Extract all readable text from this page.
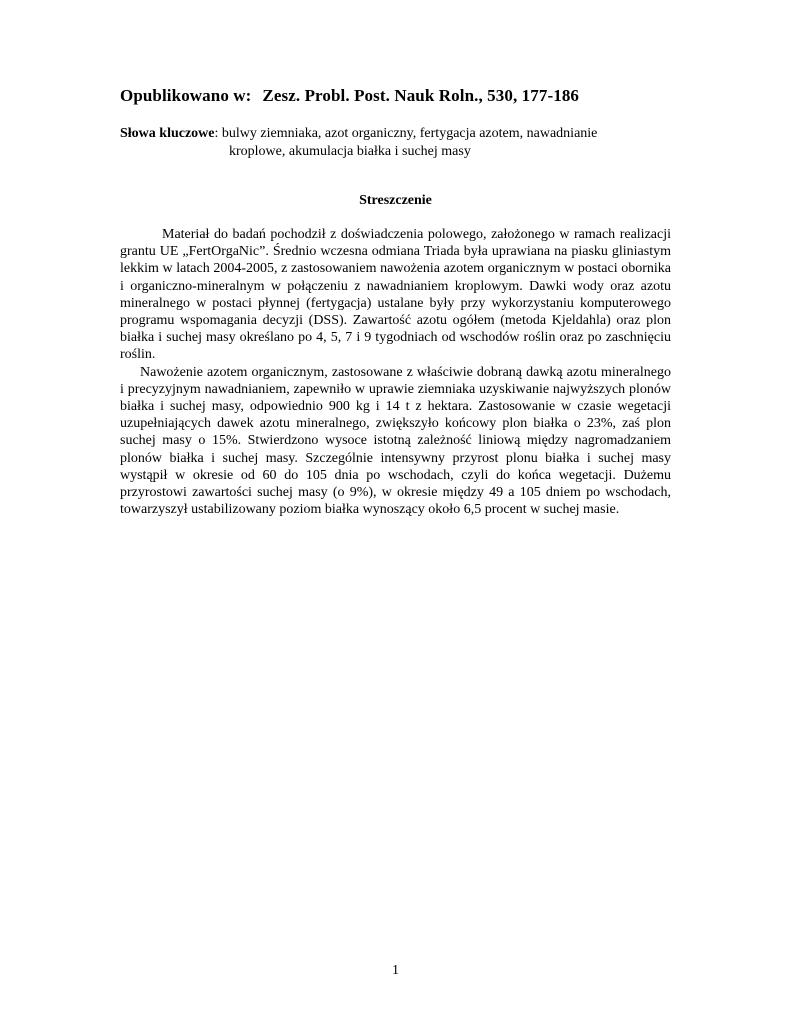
Opublikowano w: Zesz. Probl. Post. Nauk Roln., 530, 177-186
Słowa kluczowe: bulwy ziemniaka, azot organiczny, fertygacja azotem, nawadnianie
kroplowe, akumulacja białka i suchej masy
Streszczenie

Materiał do badań pochodził z doświadczenia polowego, założonego w ramach realizacji grantu UE „FertOrgaNic”. Średnio wczesna odmiana Triada była uprawiana na piasku gliniastym lekkim w latach 2004-2005, z zastosowaniem nawożenia azotem organicznym w postaci obornika i organiczno-mineralnym w połączeniu z nawadnianiem kroplowym. Dawki wody oraz azotu mineralnego w postaci płynnej (fertygacja) ustalane były przy wykorzystaniu komputerowego programu wspomagania decyzji (DSS). Zawartość azotu ogółem (metoda Kjeldahla) oraz plon białka i suchej masy określano po 4, 5, 7 i 9 tygodniach od wschodów roślin oraz po zaschnięciu roślin.

Nawożenie azotem organicznym, zastosowane z właściwie dobraną dawką azotu mineralnego i precyzyjnym nawadnianiem, zapewniło w uprawie ziemniaka uzyskiwanie najwyższych plonów białka i suchej masy, odpowiednio 900 kg i 14 t z hektara. Zastosowanie w czasie wegetacji uzupełniających dawek azotu mineralnego, zwiększyło końcowy plon białka o 23%, zaś plon suchej masy o 15%. Stwierdzono wysoce istotną zależność liniową między nagromadzaniem plonów białka i suchej masy. Szczególnie intensywny przyrost plonu białka i suchej masy wystąpił w okresie od 60 do 105 dnia po wschodach, czyli do końca wegetacji. Dużemu przyrostowi zawartości suchej masy (o 9%), w okresie między 49 a 105 dniem po wschodach, towarzyszył ustabilizowany poziom białka wynoszący około 6,5 procent w suchej masie.

1
